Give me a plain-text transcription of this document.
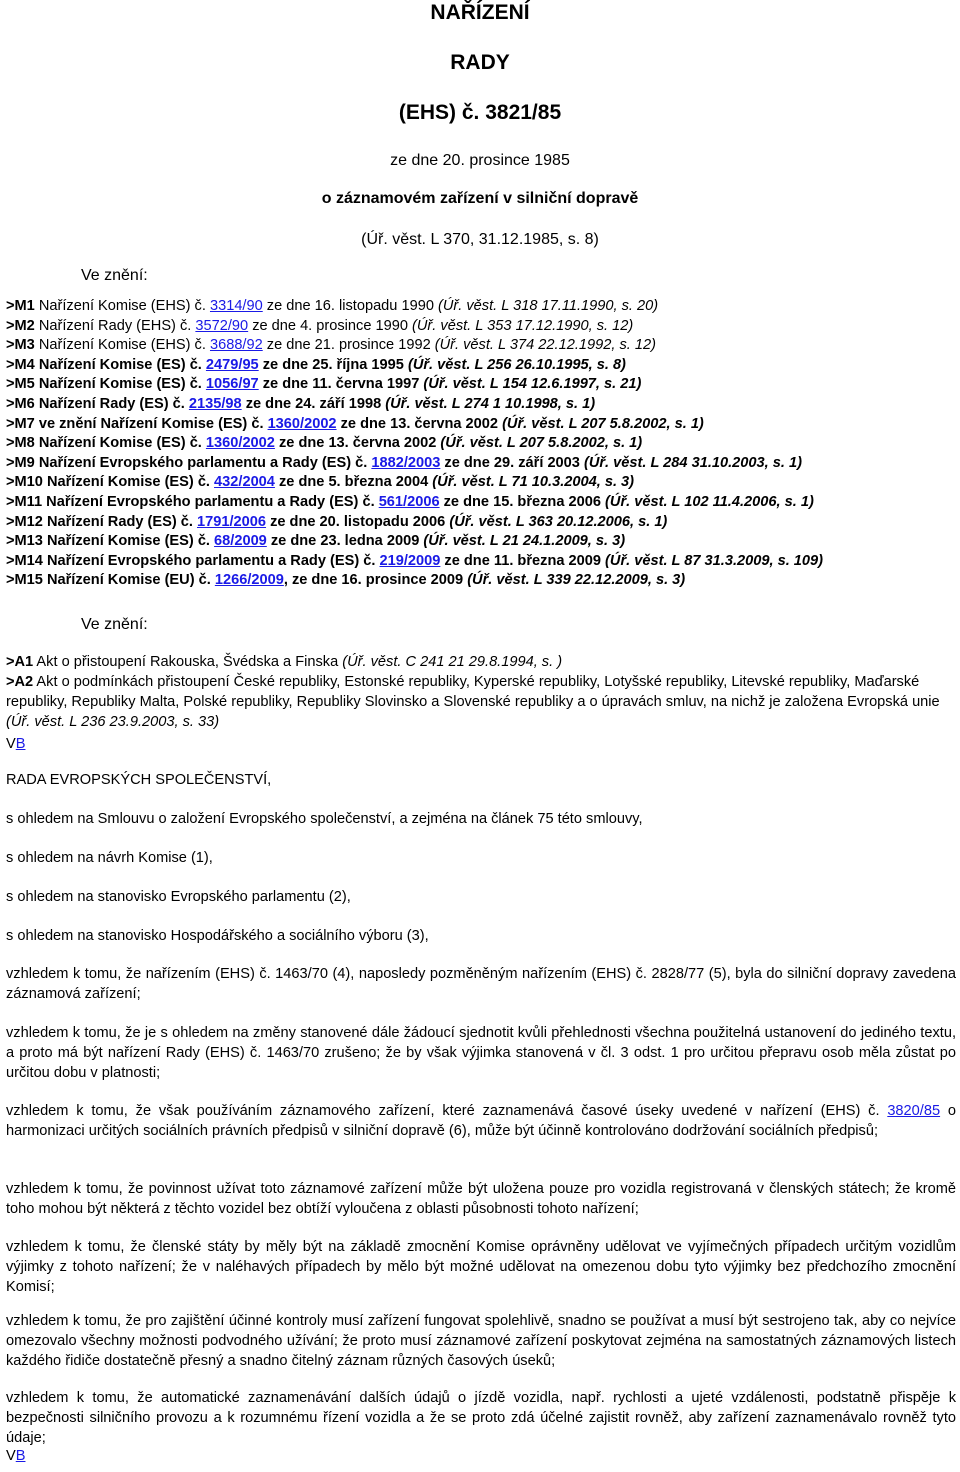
NAŘÍZENÍ
RADY
(EHS) č. 3821/85
ze dne 20. prosince 1985
o záznamovém zařízení v silniční dopravě
(Úř. věst. L 370, 31.12.1985, s. 8)
Ve znění:
>M1 Nařízení Komise (EHS) č. 3314/90 ze dne 16. listopadu 1990 (Úř. věst. L 318 17.11.1990, s. 20)
>M2 Nařízení Rady (EHS) č. 3572/90 ze dne 4. prosince 1990 (Úř. věst. L 353 17.12.1990, s. 12)
>M3 Nařízení Komise (EHS) č. 3688/92 ze dne 21. prosince 1992 (Úř. věst. L 374 22.12.1992, s. 12)
>M4 Nařízení Komise (ES) č. 2479/95 ze dne 25. října 1995 (Úř. věst. L 256 26.10.1995, s. 8)
>M5 Nařízení Komise (ES) č. 1056/97 ze dne 11. června 1997 (Úř. věst. L 154 12.6.1997, s. 21)
>M6 Nařízení Rady (ES) č. 2135/98 ze dne 24. září 1998 (Úř. věst. L 274 1 10.1998, s. 1)
>M7 ve znění Nařízení Komise (ES) č. 1360/2002 ze dne 13. června 2002 (Úř. věst. L 207 5.8.2002, s. 1)
>M8 Nařízení Komise (ES) č. 1360/2002 ze dne 13. června 2002 (Úř. věst. L 207 5.8.2002, s. 1)
>M9 Nařízení Evropského parlamentu a Rady (ES) č. 1882/2003 ze dne 29. září 2003 (Úř. věst. L 284 31.10.2003, s. 1)
>M10 Nařízení Komise (ES) č. 432/2004 ze dne 5. března 2004 (Úř. věst. L 71 10.3.2004, s. 3)
>M11 Nařízení Evropského parlamentu a Rady (ES) č. 561/2006 ze dne 15. března 2006 (Úř. věst. L 102 11.4.2006, s. 1)
>M12 Nařízení Rady (ES) č. 1791/2006 ze dne 20. listopadu 2006 (Úř. věst. L 363 20.12.2006, s. 1)
>M13 Nařízení Komise (ES) č. 68/2009 ze dne 23. ledna 2009 (Úř. věst. L 21 24.1.2009, s. 3)
>M14 Nařízení Evropského parlamentu a Rady (ES) č. 219/2009 ze dne 11. března 2009 (Úř. věst. L 87 31.3.2009, s. 109)
>M15 Nařízení Komise (EU) č. 1266/2009, ze dne 16. prosince 2009 (Úř. věst. L 339 22.12.2009, s. 3)
Ve znění:
>A1 Akt o přistoupení Rakouska, Švédska a Finska (Úř. věst. C 241 21 29.8.1994, s. )
>A2 Akt o podmínkách přistoupení České republiky, Estonské republiky, Kyperské republiky, Lotyšské republiky, Litevské republiky, Maďarské republiky, Republiky Malta, Polské republiky, Republiky Slovinsko a Slovenské republiky a o úpravách smluv, na nichž je založena Evropská unie (Úř. věst. L 236 23.9.2003, s. 33)
VB
RADA EVROPSKÝCH SPOLEČENSTVÍ,
s ohledem na Smlouvu o založení Evropského společenství, a zejména na článek 75 této smlouvy,
s ohledem na návrh Komise (1),
s ohledem na stanovisko Evropského parlamentu (2),
s ohledem na stanovisko Hospodářského a sociálního výboru (3),
vzhledem k tomu, že nařízením (EHS) č. 1463/70 (4), naposledy pozměněným nařízením (EHS) č. 2828/77 (5), byla do silniční dopravy zavedena záznamová zařízení;
vzhledem k tomu, že je s ohledem na změny stanovené dále žádoucí sjednotit kvůli přehlednosti všechna použitelná ustanovení do jediného textu, a proto má být nařízení Rady (EHS) č. 1463/70 zrušeno; že by však výjimka stanovená v čl. 3 odst. 1 pro určitou přepravu osob měla zůstat po určitou dobu v platnosti;
vzhledem k tomu, že však používáním záznamového zařízení, které zaznamenává časové úseky uvedené v nařízení (EHS) č. 3820/85 o harmonizaci určitých sociálních právních předpisů v silniční dopravě (6), může být účinně kontrolováno dodržování sociálních předpisů;
vzhledem k tomu, že povinnost užívat toto záznamové zařízení může být uložena pouze pro vozidla registrovaná v členských státech; že kromě toho mohou být některá z těchto vozidel bez obtíží vyloučena z oblasti působnosti tohoto nařízení;
vzhledem k tomu, že členské státy by měly být na základě zmocnění Komise oprávněny udělovat ve vyjímečných případech určitým vozidlům výjimky z tohoto nařízení; že v naléhavých případech by mělo být možné udělovat na omezenou dobu tyto výjimky bez předchozího zmocnění Komisí;
vzhledem k tomu, že pro zajištění účinné kontroly musí zařízení fungovat spolehlivě, snadno se používat a musí být sestrojeno tak, aby co nejvíce omezovalo všechny možnosti podvodného užívání; že proto musí záznamové zařízení poskytovat zejména na samostatných záznamových listech každého řidiče dostatečně přesný a snadno čitelný záznam různých časových úseků;
vzhledem k tomu, že automatické zaznamenávání dalších údajů o jízdě vozidla, např. rychlosti a ujeté vzdálenosti, podstatně přispěje k bezpečnosti silničního provozu a k rozumnému řízení vozidla a že se proto zdá účelné zajistit rovněž, aby zařízení zaznamenávalo rovněž tyto údaje;
VB
